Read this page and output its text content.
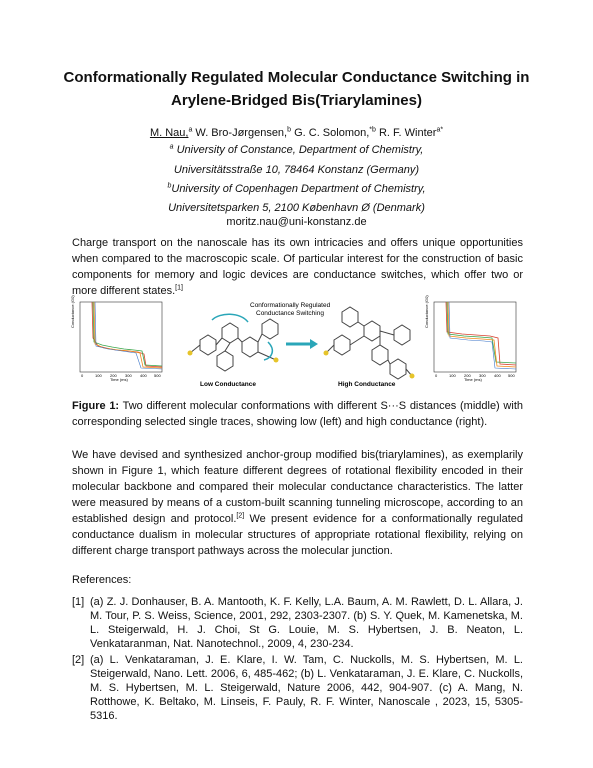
Conformationally Regulated Molecular Conductance Switching in
Arylene-Bridged Bis(Triarylamines)
M. Nau,$^a$ W. Bro-Jørgensen,$^b$ G. C. Solomon,$^{*b}$ R. F. Winter$^{a*}$
$^a$ University of Constance, Department of Chemistry,
Universitätsstraße 10, 78464 Konstanz (Germany)
$^b$University of Copenhagen Department of Chemistry,
Universitetsparken 5, 2100 København Ø (Denmark)
moritz.nau@uni-konstanz.de
Charge transport on the nanoscale has its own intricacies and offers unique opportunities when compared to the macroscopic scale. Of particular interest for the construction of basic components for memory and logic devices are conductance switches, which offer two or more different states.[1]
Conductance (G0)
Time (ms)
0	100 200 300 400 500
Low Conductance
Conformationally Regulated
Conductance Switching
High Conductance
Conductance (G0)
Time (ms)
0	100 200 300 400 500
Figure 1: Two different molecular conformations with different S···S distances (middle) with corresponding selected single traces, showing low (left) and high conductance (right).
We have devised and synthesized anchor-group modified bis(triarylamines), as exemplarily shown in Figure 1, which feature different degrees of rotational flexibility encoded in their molecular backbone and compared their molecular conductance characteristics. The latter were measured by means of a custom-built scanning tunneling microscope, according to an established design and protocol.[2] We present evidence for a conformationally regulated conductance dualism in molecular structures of appropriate rotational flexibility, relying on different charge transport pathways across the molecular junction.
References:
[1] (a) Z. J. Donhauser, B. A. Mantooth, K. F. Kelly, L.A. Baum, A. M. Rawlett, D. L. Allara, J. M. Tour, P. S. Weiss, Science, 2001, 292, 2303-2307. (b) S. Y. Quek, M. Kamenetska, M. L. Steigerwald, H. J. Choi, St G. Louie, M. S. Hybertsen, J. B. Neaton, L. Venkataranman, Nat. Nanotechnol., 2009, 4, 230-234.
[2] (a) L. Venkataraman, J. E. Klare, I. W. Tam, C. Nuckolls, M. S. Hybertsen, M. L. Steigerwald, Nano. Lett. 2006, 6, 485-462; (b) L. Venkataraman, J. E. Klare, C. Nuckolls, M. S. Hybertsen, M. L. Steigerwald, Nature 2006, 442, 904-907. (c) A. Mang, N. Rotthowe, K. Beltako, M. Linseis, F. Pauly, R. F. Winter, Nanoscale , 2023, 15, 5305-5316.
